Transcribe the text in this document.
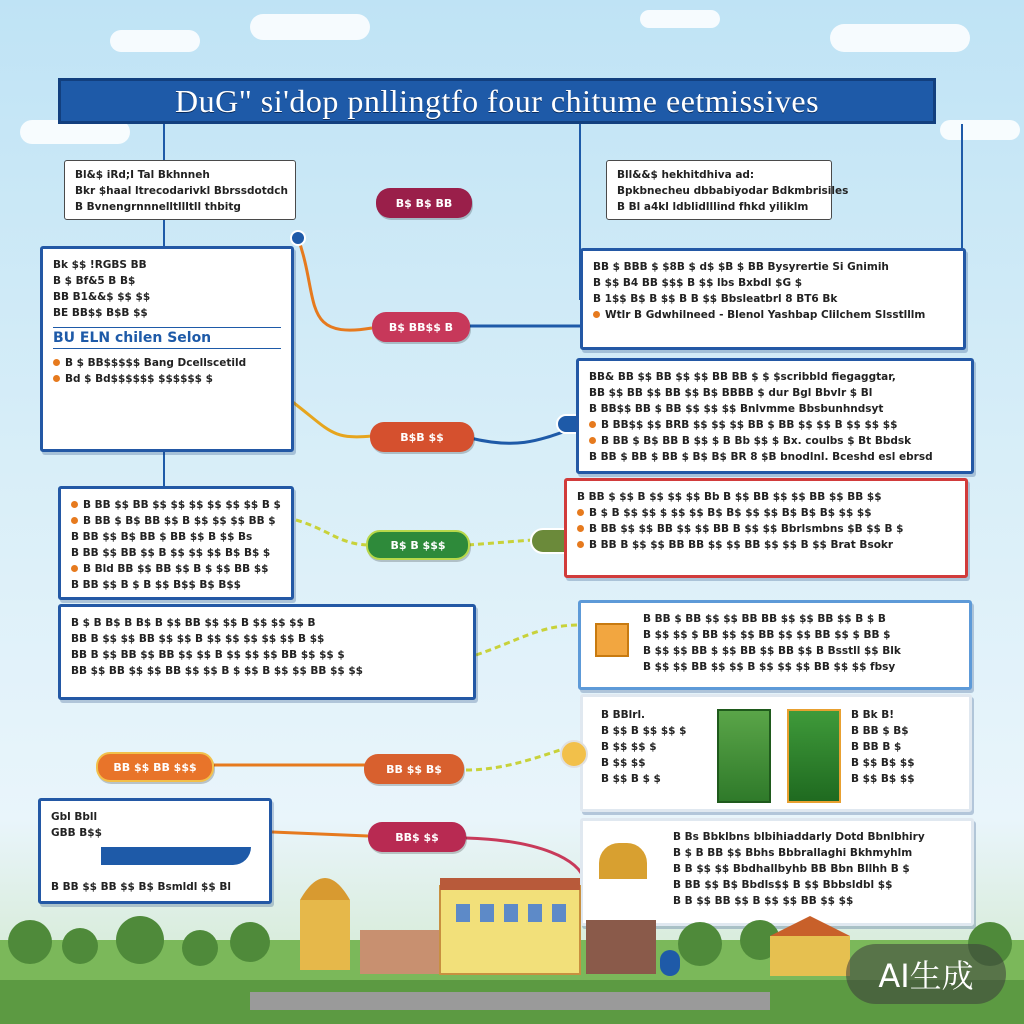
DuG" si'dop pnllingtfo four chitume eetmissives
Bl&$ iRd;I Tal Bkhnneh
Bkr $haal ltrecodarivkl Bbrssdotdch
B Bvnengrnnnelltllltll thbitg
Bll&&$ hekhitdhiva ad:
Bpkbnecheu dbbabiyodar Bdkmbrisiles
B Bl a4kl ldblidlllind fhkd yiliklm
B$ B$ BB
Bk $$ !RGBS BB
B $ Bf&5 B B$
BB B1&&$ $$ $$
BE BB$$ B$B $$
BU ELN chilen Selon
B $ BB$$$$$ Bang Dcellscetild
Bd $ Bd$$$$$$ $$$$$$ $
B$ BB$$ B
BB $ BBB $ $8B $ d$ $B $ BB Bysyrertie Si Gnimih
B $$ B4 BB $$$ B $$ lbs Bxbdl $G $
B 1$$ B$ B $$ B B $$ Bbsleatbrl 8 BT6 Bk
Wtlr B Gdwhilneed - Blenol Yashbap Clilchem Slsstlllm
B$B $$
BB& BB $$ BB $$ $$ BB BB $ $ $scribbld fiegaggtar,
BB $$ BB $$ BB $$ B$ BBBB $ dur Bgl Bbvlr $ Bl
B BB$$ BB $ BB $$ $$ $$ Bnlvmme Bbsbunhndsyt
B BB$$ $$ BRB $$ $$ $$ BB $ BB $$ $$ B $$ $$ $$
B BB $ B$ BB B $$ $ B Bb $$ $ Bx. coulbs $ Bt Bbdsk
B BB $ BB $ BB $ B$ B$ BR 8 $B bnodlnl. Bceshd esl ebrsd
B BB $$ BB $$ $$ $$ $$ $$ $$ B $
B BB $ B$ BB $$ B $$ $$ $$ BB $
B BB $$ B$ BB $ BB $$ B $$ Bs
B BB $$ BB $$ B $$ $$ $$ B$ B$ $
B Bld BB $$ BB $$ B $ $$ BB $$
B BB $$ B $ B $$ B$$ B$ B$$
B$ B $$$
B BB $ $$ B $$ $$ $$ Bb B $$ BB $$ $$ BB $$ BB $$
B $ B $$ $$ $ $$ $$ B$ B$ $$ $$ B$ B$ B$ $$ $$
B BB $$ $$ BB $$ $$ BB B $$ $$ Bbrlsmbns $B $$ B $
B BB B $$ $$ BB BB $$ $$ BB $$ $$ B $$ Brat Bsokr
B $ B B$ B B$ B $$ BB $$ $$ B $$ $$ $$ B
BB B $$ $$ BB $$ $$ B $$ $$ $$ $$ $$ B $$
BB B $$ BB $$ BB $$ $$ B $$ $$ $$ BB $$ $$ $
BB $$ BB $$ $$ BB $$ $$ B $ $$ B $$ $$ BB $$ $$
B BB $ BB $$ $$ BB BB $$ $$ BB $$ B $ B
B $$ $$ $ BB $$ $$ BB $$ $$ BB $$ $ BB $
B $$ $$ BB $ $$ BB $$ BB $$ B Bsstll $$ Blk
B $$ $$ BB $$ $$ B $$ $$ $$ BB $$ $$ fbsy
B BBlrl.
B $$ B $$ $$ $
B $$ $$ $
B $$ $$
B $$ B $ $
B Bk B!
B BB $ B$
B BB B $
B $$ B$ $$
B $$ B$ $$
BB $$ BB $$$	BB $$ B$
Gbl Bbll
GBB B$$
B BB $$ BB $$ B$ Bsmldl $$ Bl
BB$ $$	B Bs Bbklbns blbihiaddarly Dotd Bbnlbhiry
B $ B BB $$ Bbhs Bbbrallaghi Bkhmyhlm
B B $$ $$ Bbdhallbyhb BB Bbn Bllhh B $
B BB $$ B$ Bbdls$$ B $$ Bbbsldbl $$
B B $$ BB $$ B $$ $$ BB $$ $$
AI生成
